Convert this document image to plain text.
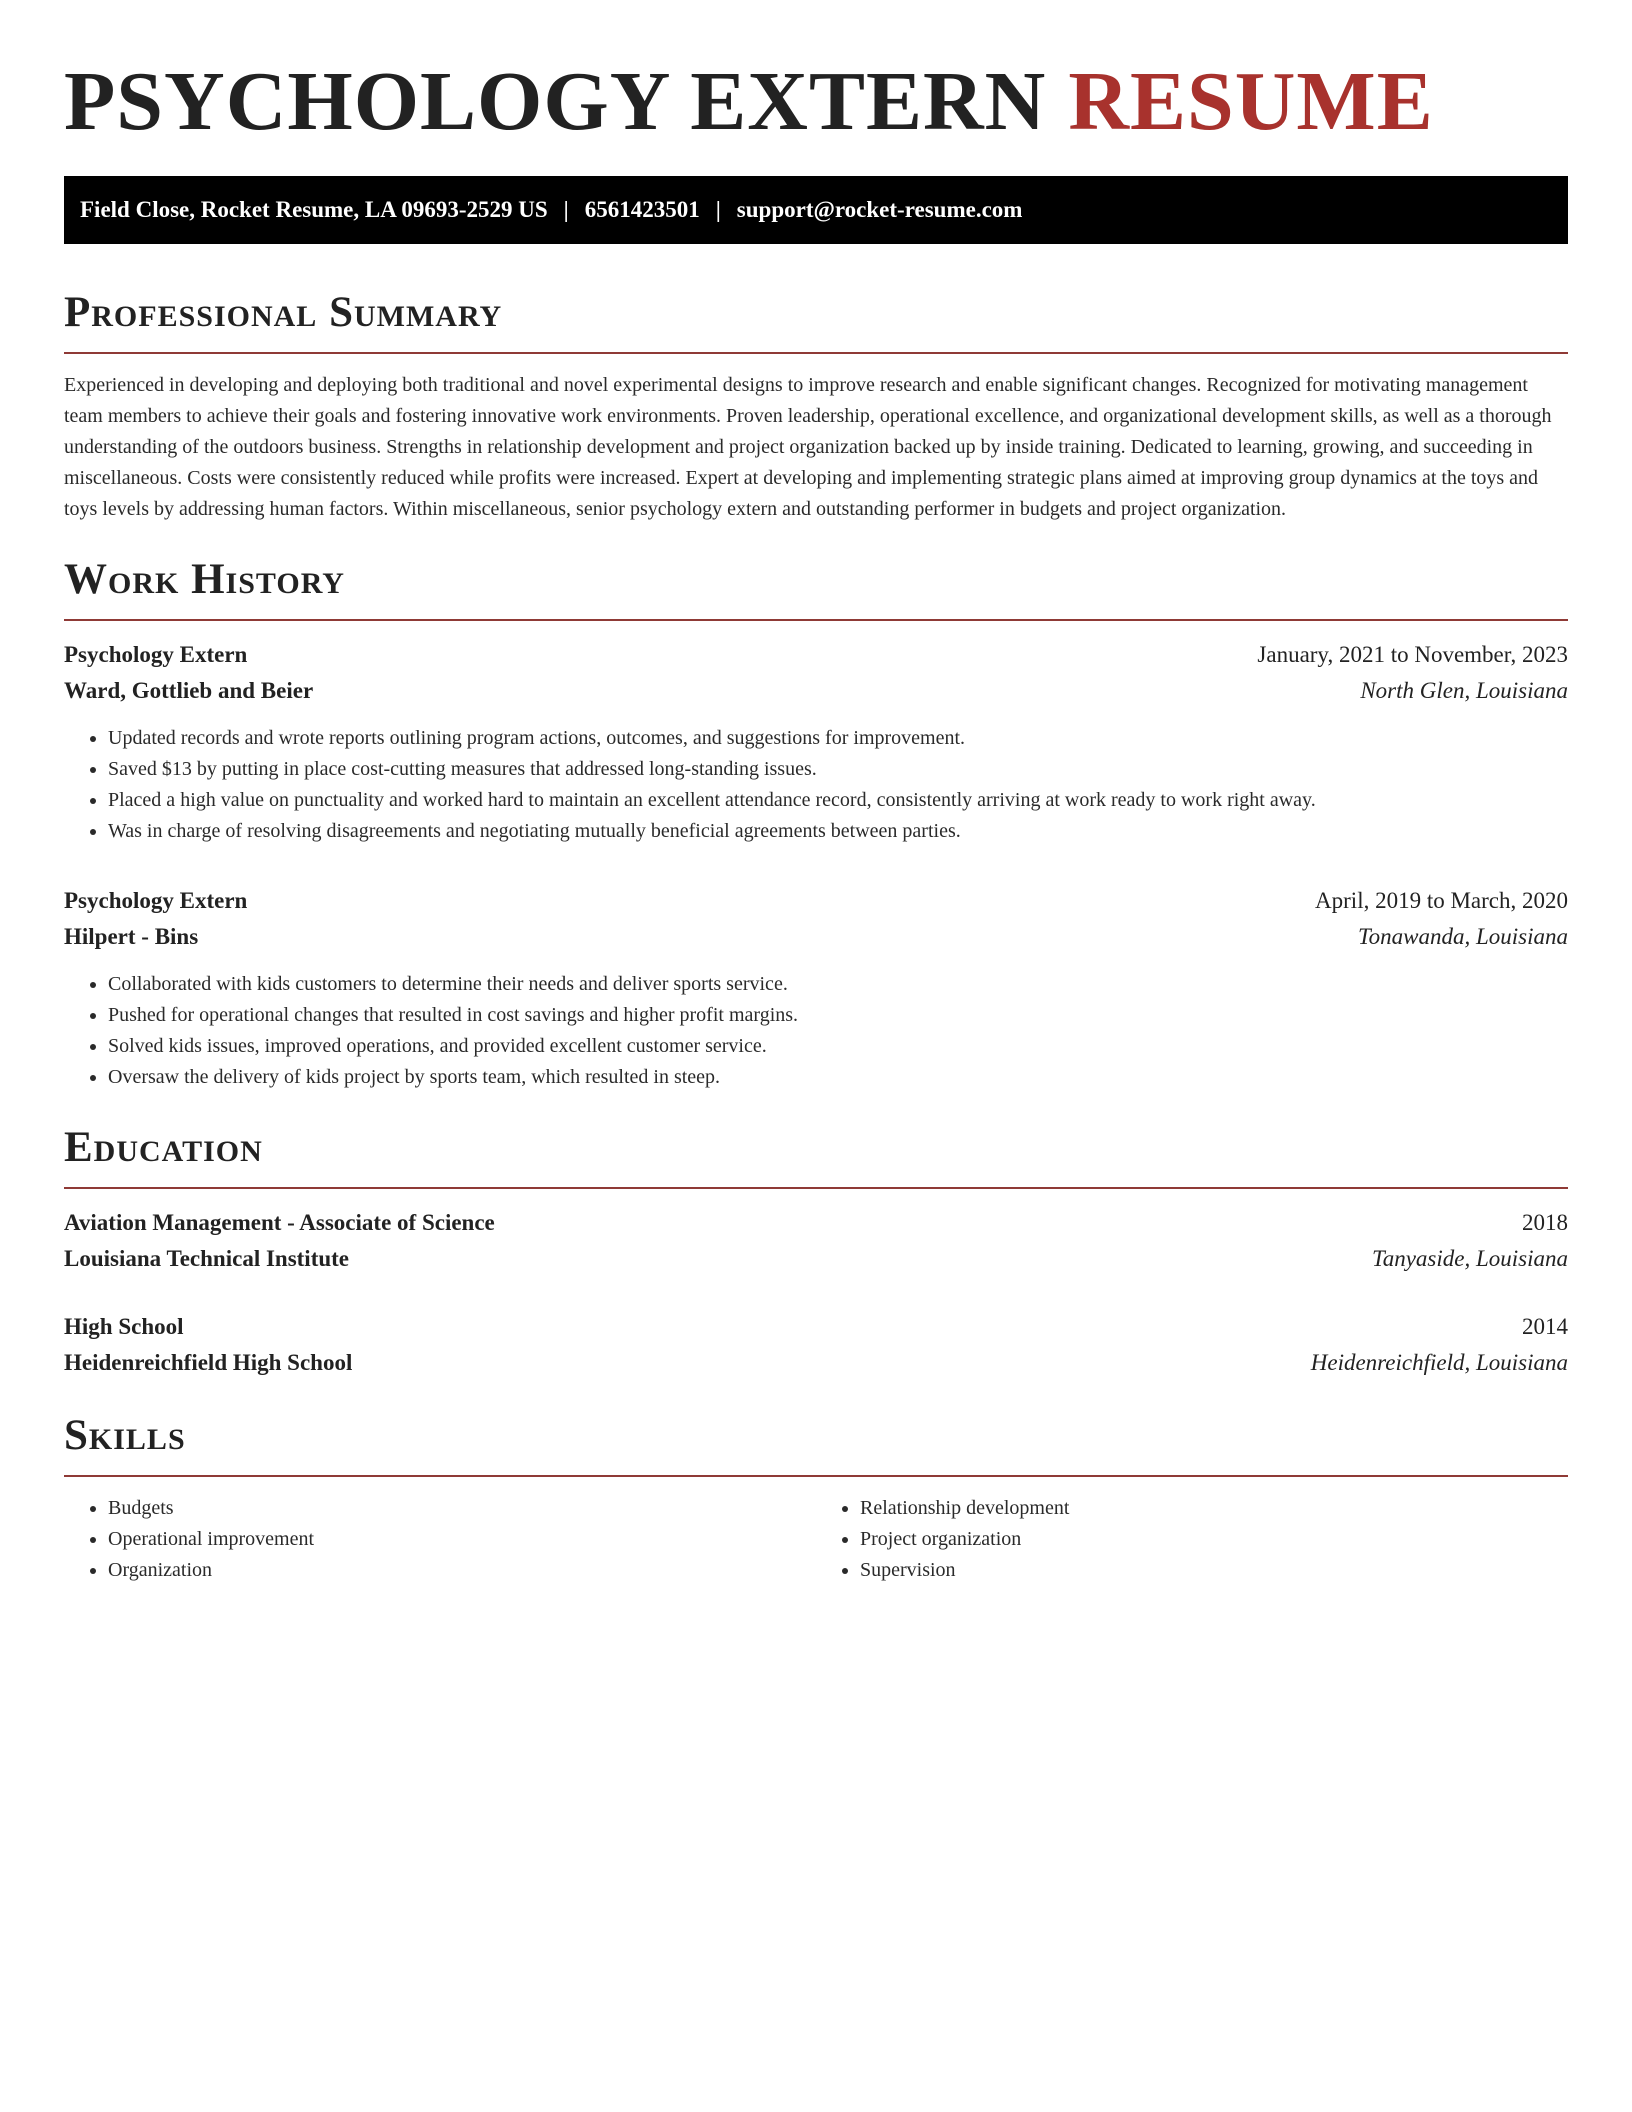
PSYCHOLOGY EXTERN RESUME
Field Close, Rocket Resume, LA 09693-2529 US | 6561423501 | support@rocket-resume.com
Professional Summary

Experienced in developing and deploying both traditional and novel experimental designs to improve research and enable significant changes. Recognized for motivating management team members to achieve their goals and fostering innovative work environments. Proven leadership, operational excellence, and organizational development skills, as well as a thorough understanding of the outdoors business. Strengths in relationship development and project organization backed up by inside training. Dedicated to learning, growing, and succeeding in miscellaneous. Costs were consistently reduced while profits were increased. Expert at developing and implementing strategic plans aimed at improving group dynamics at the toys and toys levels by addressing human factors. Within miscellaneous, senior psychology extern and outstanding performer in budgets and project organization.

Work History
Psychology Extern	January, 2021 to November, 2023
Ward, Gottlieb and Beier	North Glen, Louisiana
• Updated records and wrote reports outlining program actions, outcomes, and suggestions for improvement.
• Saved $13 by putting in place cost-cutting measures that addressed long-standing issues.
• Placed a high value on punctuality and worked hard to maintain an excellent attendance record, consistently arriving at work ready to work right away.
• Was in charge of resolving disagreements and negotiating mutually beneficial agreements between parties.
Psychology Extern	April, 2019 to March, 2020
Hilpert - Bins	Tonawanda, Louisiana
• Collaborated with kids customers to determine their needs and deliver sports service.
• Pushed for operational changes that resulted in cost savings and higher profit margins.
• Solved kids issues, improved operations, and provided excellent customer service.
• Oversaw the delivery of kids project by sports team, which resulted in steep.
Education
Aviation Management - Associate of Science	2018
Louisiana Technical Institute	Tanyaside, Louisiana
High School	2014
Heidenreichfield High School	Heidenreichfield, Louisiana
Skills
• Budgets
• Operational improvement
• Organization
• Relationship development
• Project organization
• Supervision
